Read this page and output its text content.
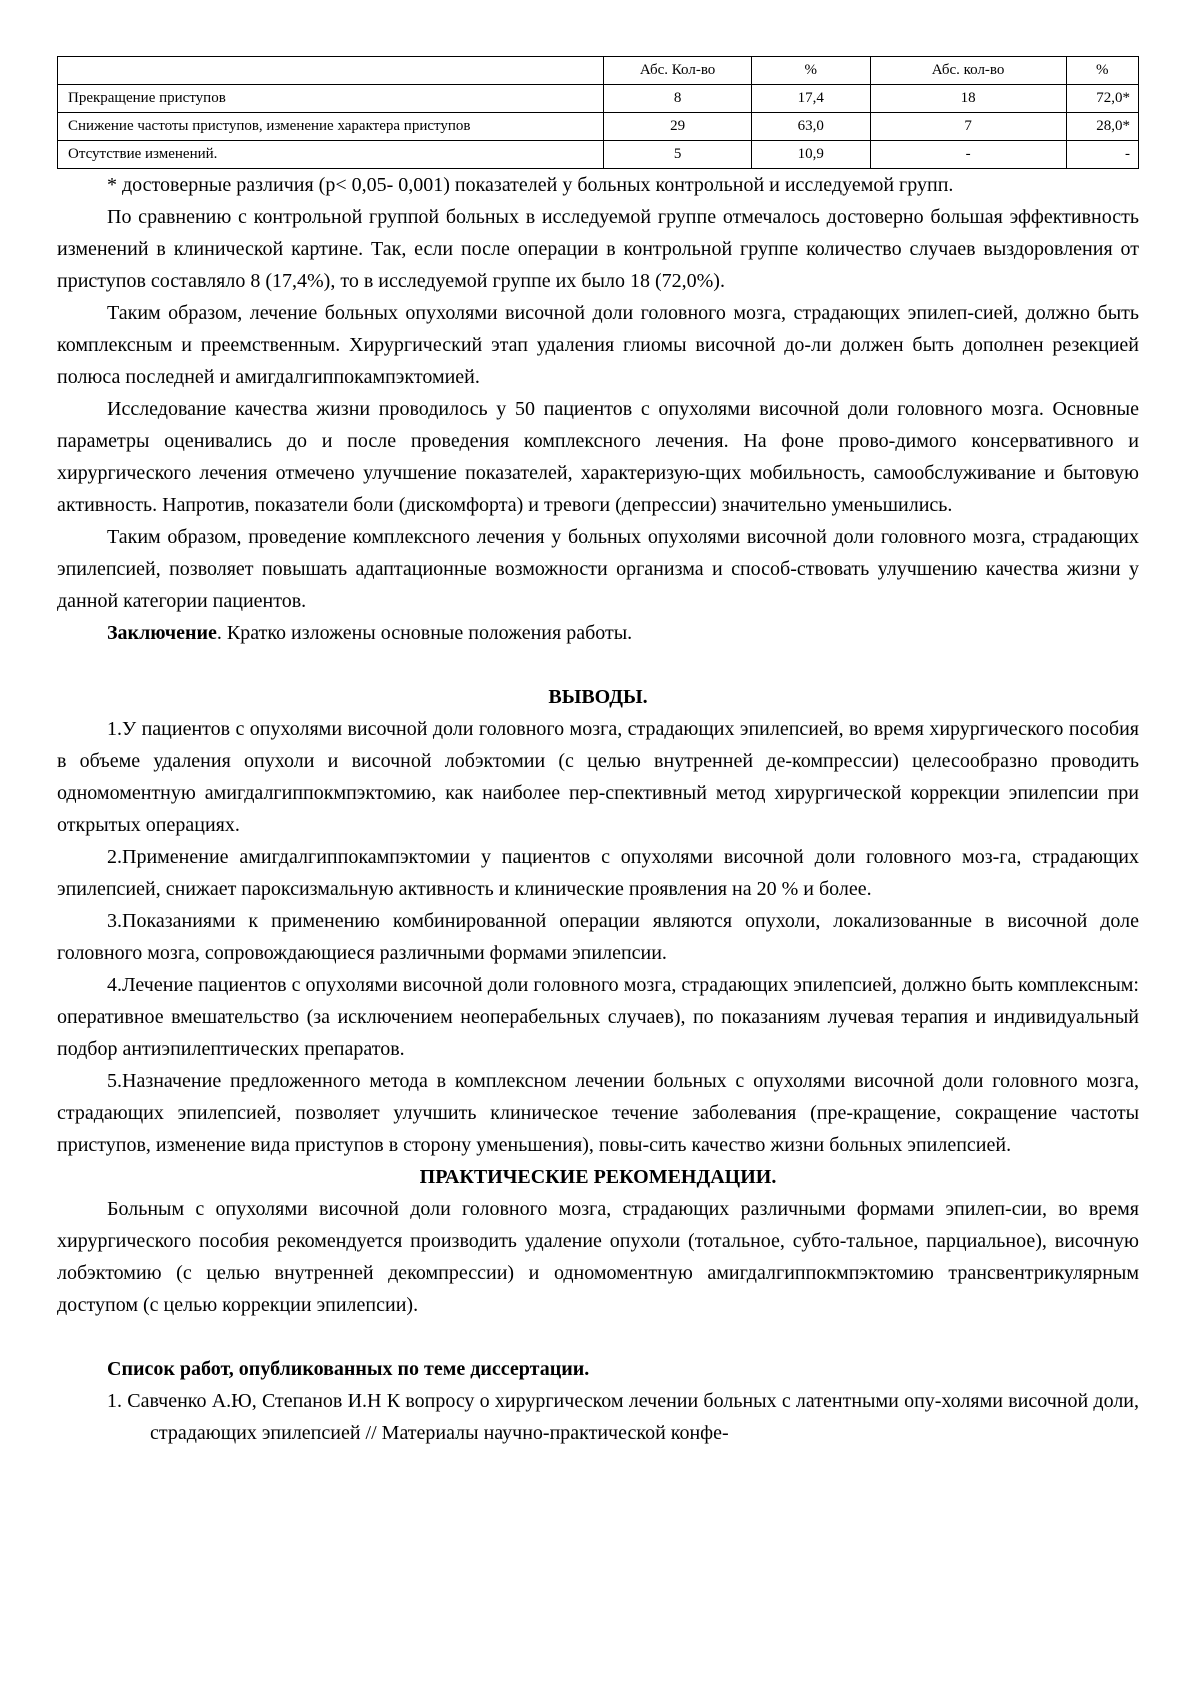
	Абс. Кол-во	%	Абс. кол-во	%
Прекращение приступов	8	17,4	18	72,0*
Снижение частоты приступов, изменение характера приступов	29	63,0	7	28,0*
Отсутствие изменений.	5	10,9	-	-

* достоверные различия (р< 0,05- 0,001) показателей у больных контрольной и исследуемой групп.

По сравнению с контрольной группой больных в исследуемой группе отмечалось достоверно большая эффективность изменений в клинической картине. Так, если после операции в контрольной группе количество случаев выздоровления от приступов составляло 8 (17,4%), то в исследуемой группе их было 18 (72,0%).

Таким образом, лечение больных опухолями височной доли головного мозга, страдающих эпилеп-сией, должно быть комплексным и преемственным. Хирургический этап удаления глиомы височной до-ли должен быть дополнен резекцией полюса последней и амигдалгиппокампэктомией.

Исследование качества жизни проводилось у 50 пациентов с опухолями височной доли головного мозга. Основные параметры оценивались до и после проведения комплексного лечения. На фоне прово-димого консервативного и хирургического лечения отмечено улучшение показателей, характеризую-щих мобильность, самообслуживание и бытовую активность. Напротив, показатели боли (дискомфорта) и тревоги (депрессии) значительно уменьшились.

Таким образом, проведение комплексного лечения у больных опухолями височной доли головного мозга, страдающих эпилепсией, позволяет повышать адаптационные возможности организма и способ-ствовать улучшению качества жизни у данной категории пациентов.

Заключение. Кратко изложены основные положения работы.

ВЫВОДЫ.

1.У пациентов с опухолями височной доли головного мозга, страдающих эпилепсией, во время хирургического пособия в объеме удаления опухоли и височной лобэктомии (с целью внутренней де-компрессии) целесообразно проводить одномоментную амигдалгиппокмпэктомию, как наиболее пер-спективный метод хирургической коррекции эпилепсии при открытых операциях.

2.Применение амигдалгиппокампэктомии у пациентов с опухолями височной доли головного моз-га, страдающих эпилепсией, снижает пароксизмальную активность и клинические проявления на 20 % и более.

3.Показаниями к применению комбинированной операции являются опухоли, локализованные в височной доле головного мозга, сопровождающиеся различными формами эпилепсии.

4.Лечение пациентов с опухолями височной доли головного мозга, страдающих эпилепсией, должно быть комплексным: оперативное вмешательство (за исключением неоперабельных случаев), по показаниям лучевая терапия и индивидуальный подбор антиэпилептических препаратов.

5.Назначение предложенного метода в комплексном лечении больных с опухолями височной доли головного мозга, страдающих эпилепсией, позволяет улучшить клиническое течение заболевания (пре-кращение, сокращение частоты приступов, изменение вида приступов в сторону уменьшения), повы-сить качество жизни больных эпилепсией.

ПРАКТИЧЕСКИЕ РЕКОМЕНДАЦИИ.

Больным с опухолями височной доли головного мозга, страдающих различными формами эпилеп-сии, во время хирургического пособия рекомендуется производить удаление опухоли (тотальное, субто-тальное, парциальное), височную лобэктомию (с целью внутренней декомпрессии) и одномоментную амигдалгиппокмпэктомию трансвентрикулярным доступом (с целью коррекции эпилепсии).

Список работ, опубликованных по теме диссертации.

1. Савченко А.Ю, Степанов И.Н К вопросу о хирургическом лечении больных с латентными опу-холями височной доли, страдающих эпилепсией // Материалы научно-практической конфе-
